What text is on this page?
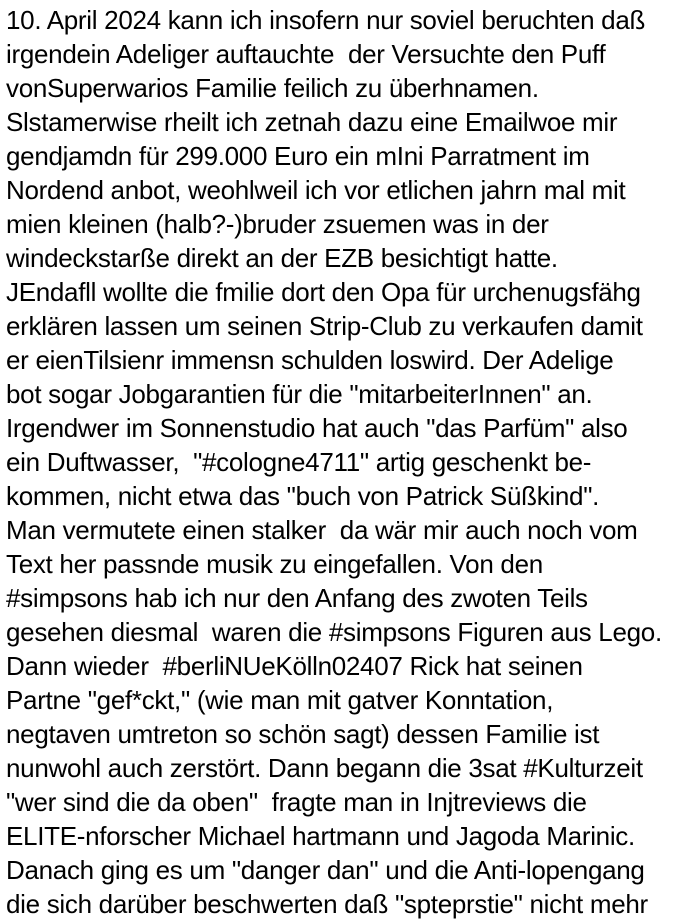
10. April 2024 kann ich insofern nur soviel beruchten daß

irgendein Adeliger auftauchte  der Versuchte den Puff

vonSuperwarios Familie feilich zu überhnamen.

Slstamerwise rheilt ich zetnah dazu eine Emailwoe mir

gendjamdn für 299.000 Euro ein mIni Parratment im

Nordend anbot, weohlweil ich vor etlichen jahrn mal mit

mien kleinen (halb?-)bruder zsuemen was in der

windeckstarße direkt an der EZB besichtigt hatte.

JEndafll wollte die fmilie dort den Opa für urchenugsfähg

erklären lassen um seinen Strip-Club zu verkaufen damit

er eienTilsienr immensn schulden loswird. Der Adelige

bot sogar Jobgarantien für die "mitarbeiterInnen" an.

Irgendwer im Sonnenstudio hat auch "das Parfüm" also

ein Duftwasser,  "#cologne4711" artig geschenkt be-

kommen, nicht etwa das "buch von Patrick Süßkind".

Man vermutete einen stalker  da wär mir auch noch vom

Text her passnde musik zu eingefallen. Von den

#simpsons hab ich nur den Anfang des zwoten Teils

gesehen diesmal  waren die #simpsons Figuren aus Lego.

Dann wieder  #berliNUeKölln02407 Rick hat seinen

Partne "gef*ckt," (wie man mit gatver Konntation,

negtaven umtreton so schön sagt) dessen Familie ist

nunwohl auch zerstört. Dann begann die 3sat #Kulturzeit

"wer sind die da oben"  fragte man in Injtreviews die

ELITE-nforscher Michael hartmann und Jagoda Marinic.

Danach ging es um "danger dan" und die Anti-lopengang

die sich darüber beschwerten daß "spteprstie" nicht mehr
